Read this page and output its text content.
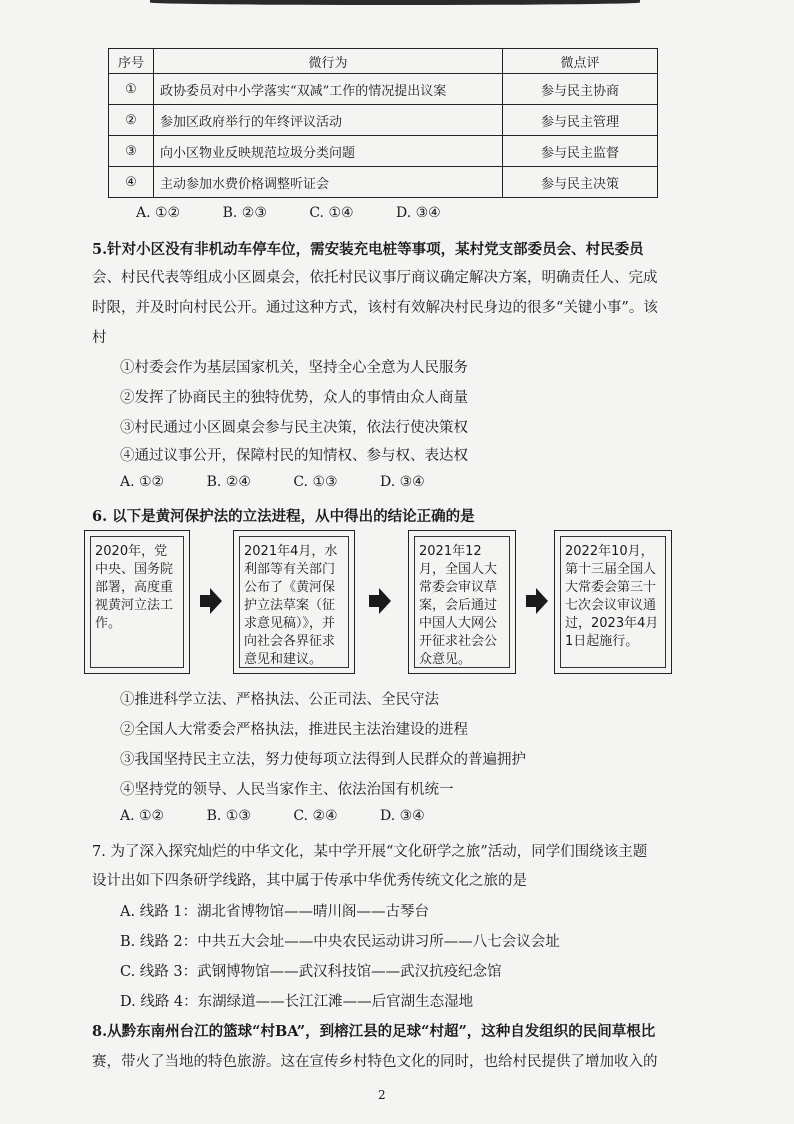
序号	微行为	微点评
①	政协委员对中小学落实“双减”工作的情况提出议案	参与民主协商
②	参加区政府举行的年终评议活动	参与民主管理
③	向小区物业反映规范垃圾分类问题	参与民主监督
④	主动参加水费价格调整听证会	参与民主决策
A. ①②	B. ②③	C. ①④	D. ③④
5.针对小区没有非机动车停车位，需安装充电桩等事项，某村党支部委员会、村民委员
会、村民代表等组成小区圆桌会，依托村民议事厅商议确定解决方案，明确责任人、完成
时限，并及时向村民公开。通过这种方式，该村有效解决村民身边的很多“关键小事”。该
村
①村委会作为基层国家机关，坚持全心全意为人民服务
②发挥了协商民主的独特优势，众人的事情由众人商量
③村民通过小区圆桌会参与民主决策，依法行使决策权
④通过议事公开，保障村民的知情权、参与权、表达权
A. ①②	B. ②④	C. ①③	D. ③④
6. 以下是黄河保护法的立法进程，从中得出的结论正确的是
2020年，党中央、国务院部署，高度重视黄河立法工作。
2021年4月，水利部等有关部门公布了《黄河保护立法草案（征求意见稿）》，并向社会各界征求意见和建议。
2021年12月，全国人大常委会审议草案，会后通过中国人大网公开征求社会公众意见。
2022年10月，第十三届全国人大常委会第三十七次会议审议通过，2023年4月1日起施行。
①推进科学立法、严格执法、公正司法、全民守法
②全国人大常委会严格执法，推进民主法治建设的进程
③我国坚持民主立法，努力使每项立法得到人民群众的普遍拥护
④坚持党的领导、人民当家作主、依法治国有机统一
A. ①②	B. ①③	C. ②④	D. ③④
7. 为了深入探究灿烂的中华文化，某中学开展“文化研学之旅”活动，同学们围绕该主题
设计出如下四条研学线路，其中属于传承中华优秀传统文化之旅的是
A. 线路 1：湖北省博物馆——晴川阁——古琴台
B. 线路 2：中共五大会址——中央农民运动讲习所——八七会议会址
C. 线路 3：武钢博物馆——武汉科技馆——武汉抗疫纪念馆
D. 线路 4：东湖绿道——长江江滩——后官湖生态湿地
8.从黔东南州台江的篮球“村BA”，到榕江县的足球“村超”，这种自发组织的民间草根比
赛，带火了当地的特色旅游。这在宣传乡村特色文化的同时，也给村民提供了增加收入的
2
